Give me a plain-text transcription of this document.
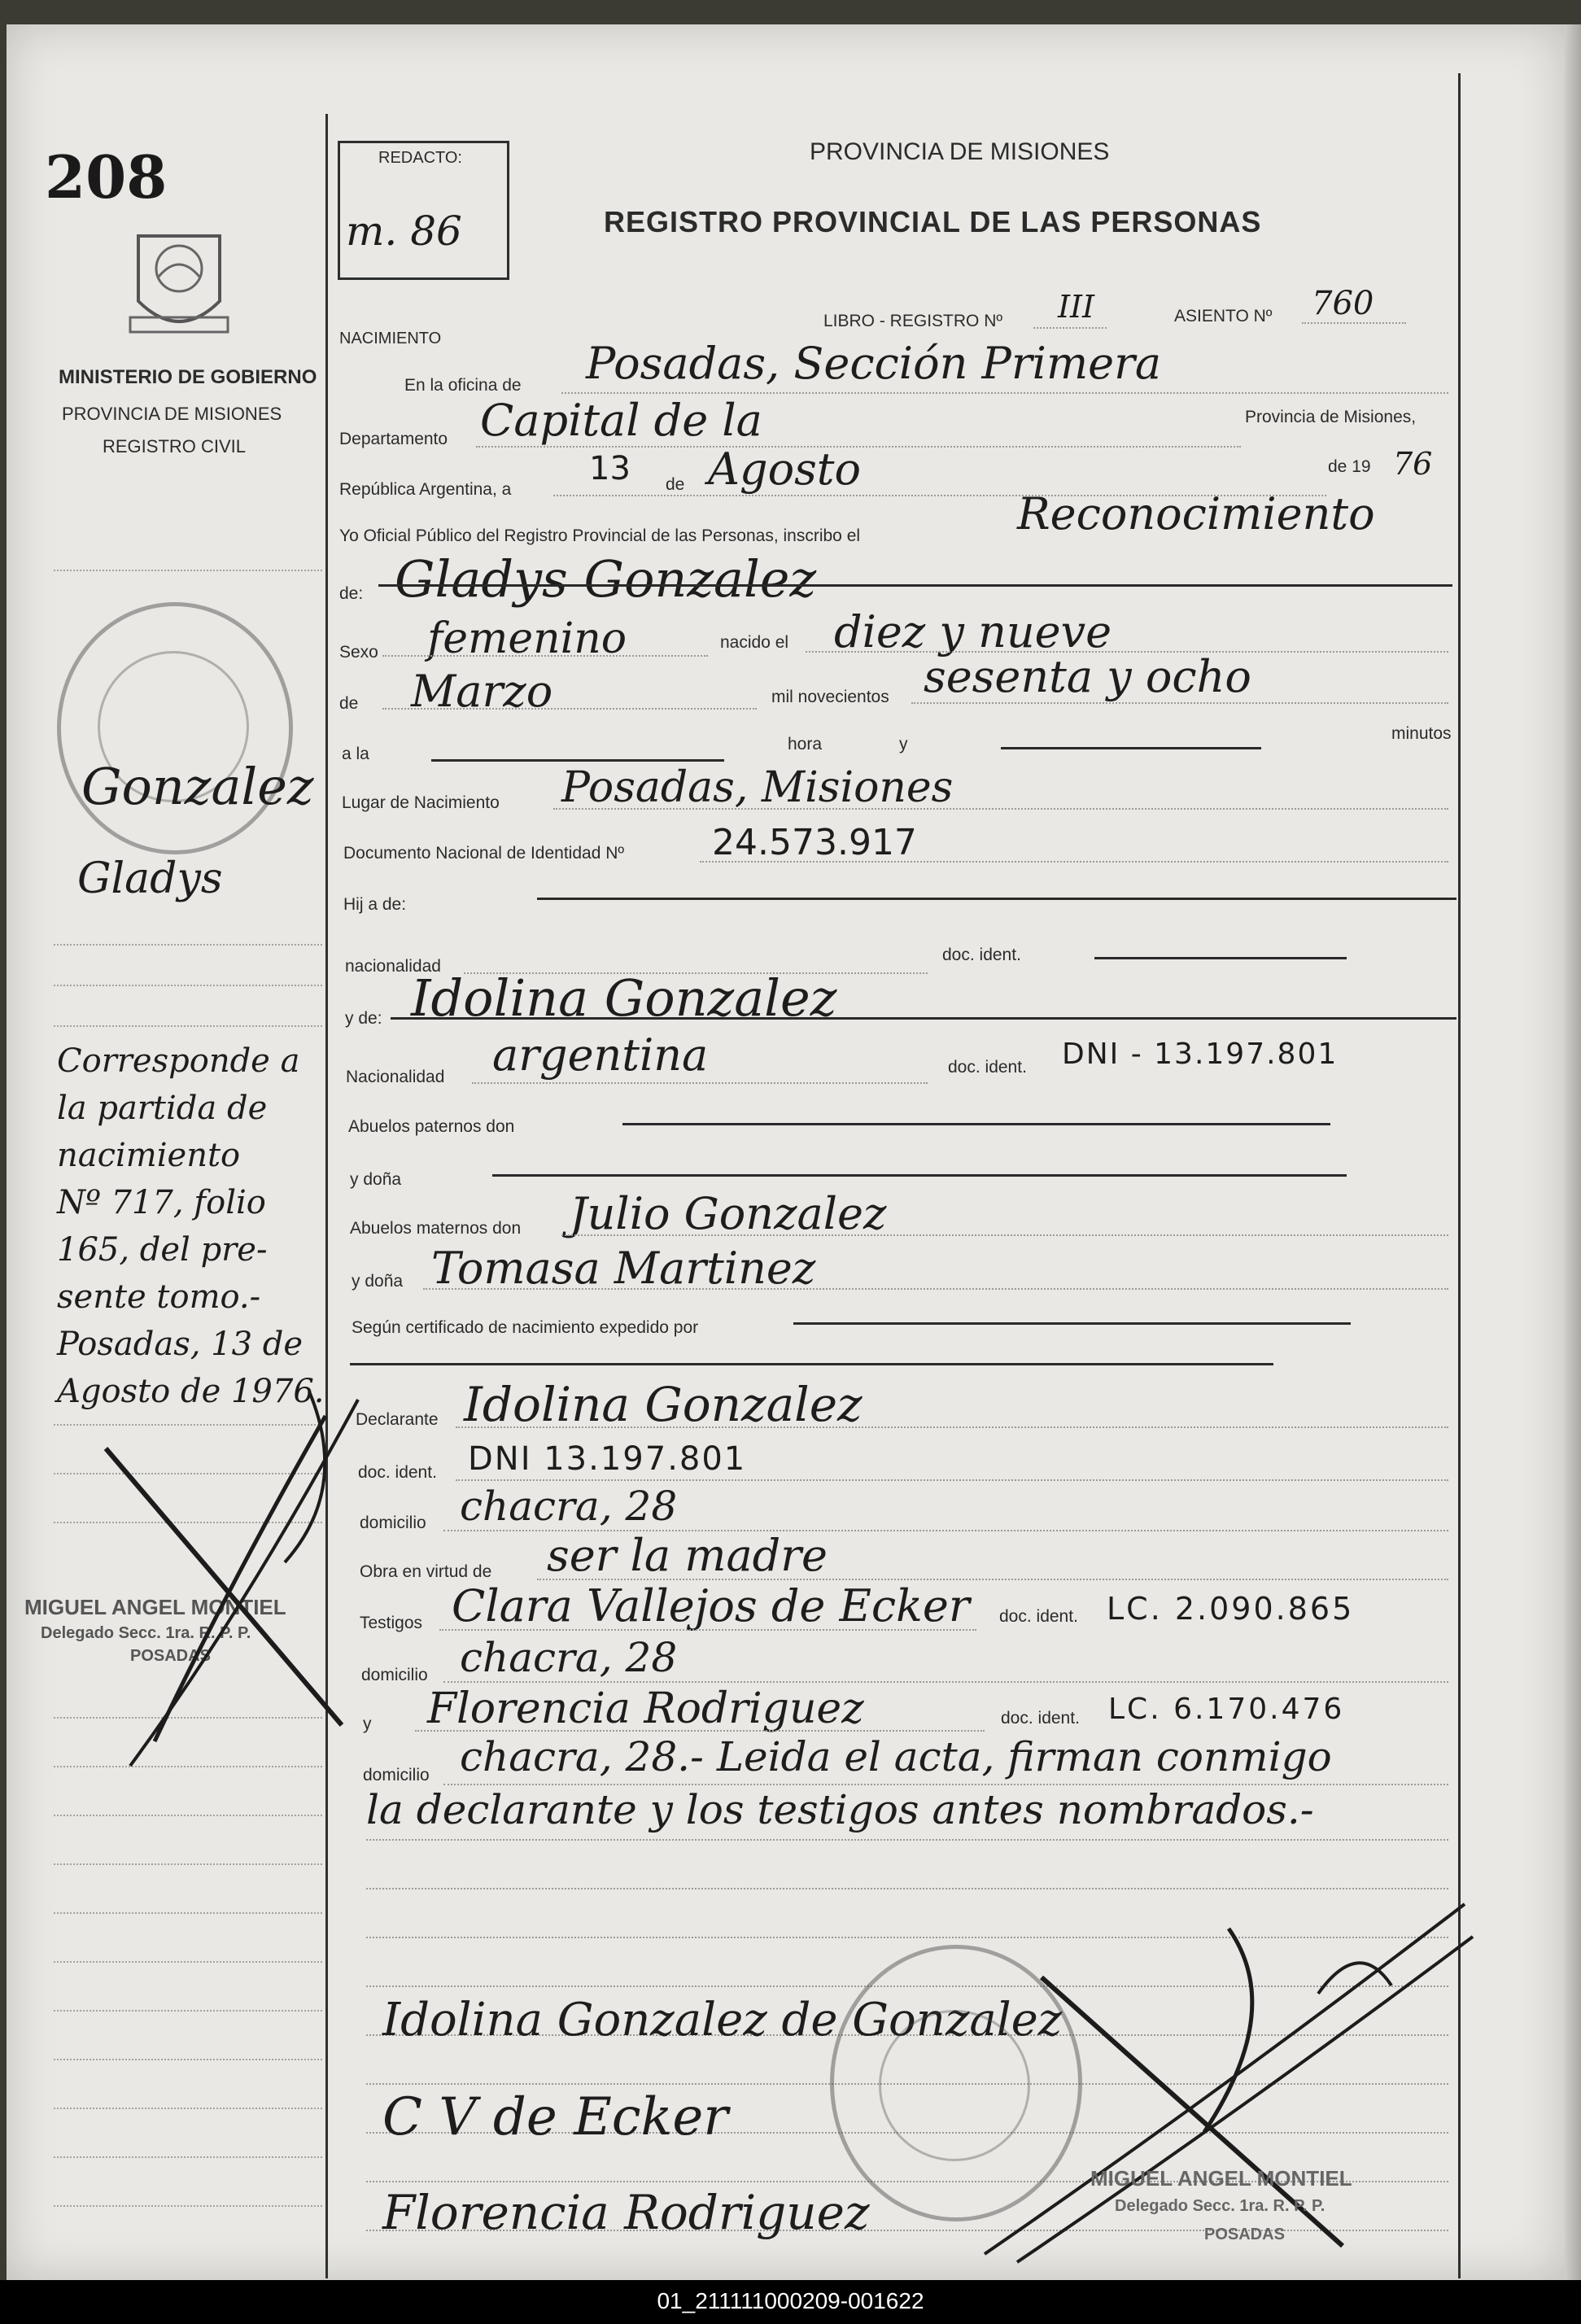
208
MINISTERIO DE GOBIERNO
PROVINCIA DE MISIONES
REGISTRO CIVIL
Gonzalez
Gladys
Corresponde a
la partida de
nacimiento
Nº 717, folio
165, del pre-
sente tomo.-
Posadas, 13 de
Agosto de 1976.
MIGUEL ANGEL MONTIEL
Delegado Secc. 1ra. R. P. P.
POSADAS
REDACTO:
m. 86
PROVINCIA DE MISIONES
REGISTRO PROVINCIAL DE LAS PERSONAS
NACIMIENTO
LIBRO - REGISTRO Nº III	ASIENTO Nº 760
En la oficina de Posadas, Sección Primera
Departamento Capital de la	Provincia de Misiones,
República Argentina, a
13 de Agosto	de 19 76
Yo Oficial Público del Registro Provincial de las Personas, inscribo el	Reconocimiento
de: Gladys Gonzalez
Sexo femenino	nacido el diez y nueve
de Marzo	mil novecientos sesenta y ocho
a la
hora	y
minutos
Lugar de Nacimiento Posadas, Misiones
Documento Nacional de Identidad Nº 24.573.917
Hij a de:
nacionalidad
doc. ident.
y de: Idolina Gonzalez
Nacionalidad argentina	doc. ident. DNI - 13.197.801
Abuelos paternos don
y doña
Abuelos maternos don Julio Gonzalez
y doña Tomasa Martinez
Según certificado de nacimiento expedido por
Declarante Idolina Gonzalez
doc. ident. DNI 13.197.801
domicilio chacra, 28
Obra en virtud de ser la madre
Testigos Clara Vallejos de Ecker doc. ident. LC. 2.090.865
domicilio chacra, 28
y Florencia Rodriguez	doc. ident. LC. 6.170.476
domicilio chacra, 28.- Leida el acta, firman conmigo
la declarante y los testigos antes nombrados.-
Idolina Gonzalez de Gonzalez
C V de Ecker
Florencia Rodriguez
MIGUEL ANGEL MONTIEL
Delegado Secc. 1ra. R. P. P.
POSADAS
01_211111000209-001622
